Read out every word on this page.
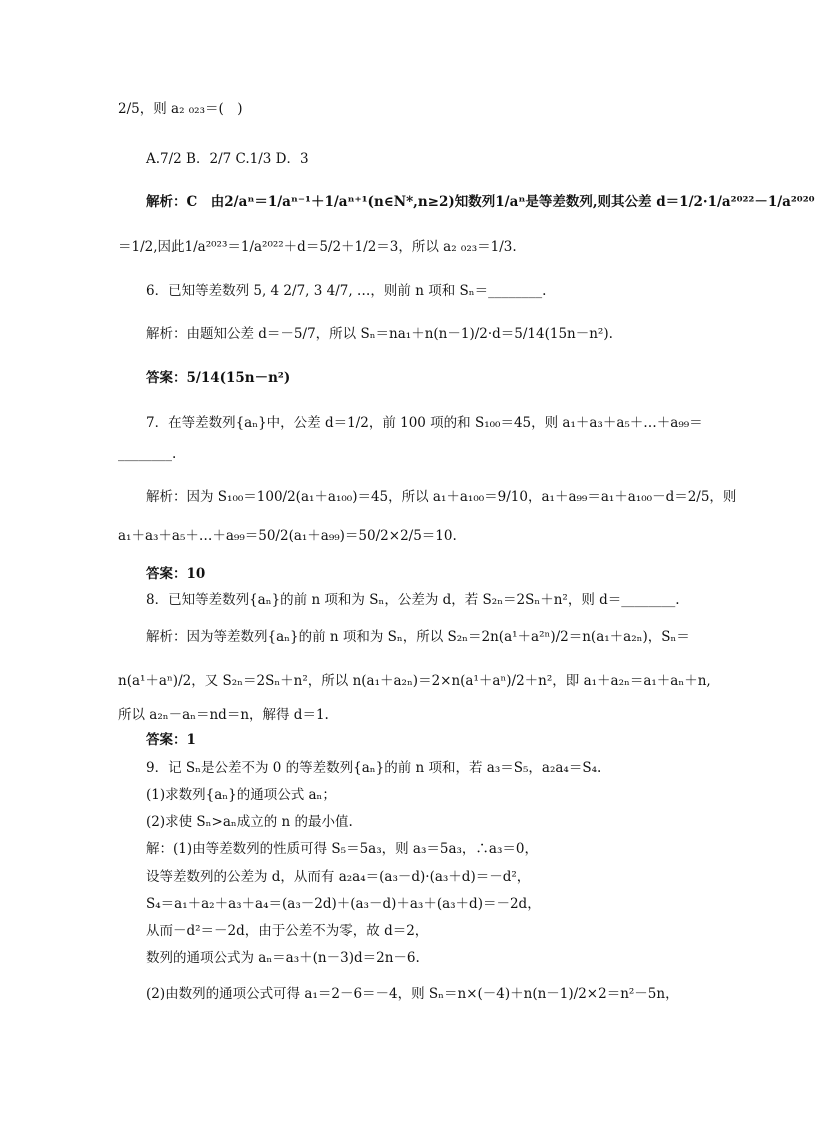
2/5，则 a₂ ₀₂₃＝(　)
A.7/2 B．2/7 C.1/3 D．3
解析：C　由2/aⁿ＝1/aⁿ⁻¹＋1/aⁿ⁺¹(n∈N*,n≥2)知数列1/aⁿ是等差数列,则其公差 d＝1/2·1/a²⁰²²－1/a²⁰²⁰
＝1/2,因此1/a²⁰²³＝1/a²⁰²²＋d＝5/2＋1/2＝3，所以 a₂ ₀₂₃＝1/3.
6．已知等差数列 5, 4 2/7, 3 4/7, …，则前 n 项和 Sₙ＝________.
解析：由题知公差 d＝－5/7，所以 Sₙ＝na₁＋n(n－1)/2·d＝5/14(15n－n²).
答案：5/14(15n－n²)
7．在等差数列{aₙ}中，公差 d＝1/2，前 100 项的和 S₁₀₀＝45，则 a₁＋a₃＋a₅＋…＋a₉₉＝
________.
解析：因为 S₁₀₀＝100/2(a₁＋a₁₀₀)＝45，所以 a₁＋a₁₀₀＝9/10，a₁＋a₉₉＝a₁＋a₁₀₀－d＝2/5，则
a₁＋a₃＋a₅＋…＋a₉₉＝50/2(a₁＋a₉₉)＝50/2×2/5＝10.
答案：10
8．已知等差数列{aₙ}的前 n 项和为 Sₙ，公差为 d，若 S₂ₙ＝2Sₙ＋n²，则 d＝________.
解析：因为等差数列{aₙ}的前 n 项和为 Sₙ，所以 S₂ₙ＝2n(a¹＋a²ⁿ)/2＝n(a₁＋a₂ₙ)，Sₙ＝
n(a¹＋aⁿ)/2，又 S₂ₙ＝2Sₙ＋n²，所以 n(a₁＋a₂ₙ)＝2×n(a¹＋aⁿ)/2＋n²，即 a₁＋a₂ₙ＝a₁＋aₙ＋n,
所以 a₂ₙ－aₙ＝nd＝n，解得 d＝1.
答案：1
9．记 Sₙ是公差不为 0 的等差数列{aₙ}的前 n 项和，若 a₃＝S₅，a₂a₄＝S₄.
(1)求数列{aₙ}的通项公式 aₙ；
(2)求使 Sₙ>aₙ成立的 n 的最小值.
解：(1)由等差数列的性质可得 S₅＝5a₃，则 a₃＝5a₃，∴a₃＝0，
设等差数列的公差为 d，从而有 a₂a₄＝(a₃－d)·(a₃＋d)＝－d²，
S₄＝a₁＋a₂＋a₃＋a₄＝(a₃－2d)＋(a₃－d)＋a₃＋(a₃＋d)＝－2d，
从而－d²＝－2d，由于公差不为零，故 d＝2，
数列的通项公式为 aₙ＝a₃＋(n－3)d＝2n－6.
(2)由数列的通项公式可得 a₁＝2－6＝－4，则 Sₙ＝n×(－4)＋n(n－1)/2×2＝n²－5n，
